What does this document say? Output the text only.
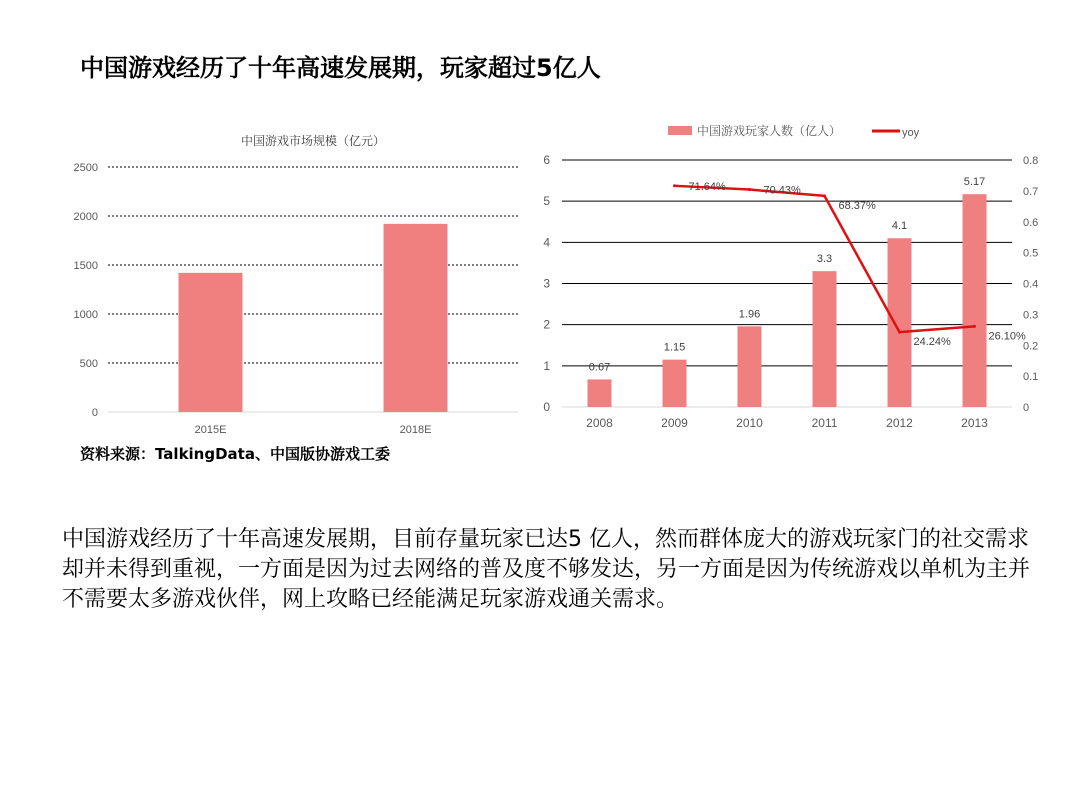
中国游戏经历了十年高速发展期，玩家超过5亿人
中国游戏市场规模（亿元）
0
500
1000
1500
2000
2500
2015E	2018E
中国游戏玩家人数（亿人）	yoy
0
1
2
3
4
5
6
0
0.1
0.2
0.3
0.4
0.5
0.6
0.7
0.8
0.67
2008
1.15
2009
1.96
2010
3.3
2011
4.1
2012
5.17
2013
71.64%	70.43%
68.37%
24.24%	26.10%
资料来源：TalkingData、中国版协游戏工委
中国游戏经历了十年高速发展期，目前存量玩家已达5 亿人，然而群体庞大的游戏玩家门的社交需求却并未得到重视，一方面是因为过去网络的普及度不够发达，另一方面是因为传统游戏以单机为主并不需要太多游戏伙伴，网上攻略已经能满足玩家游戏通关需求。
